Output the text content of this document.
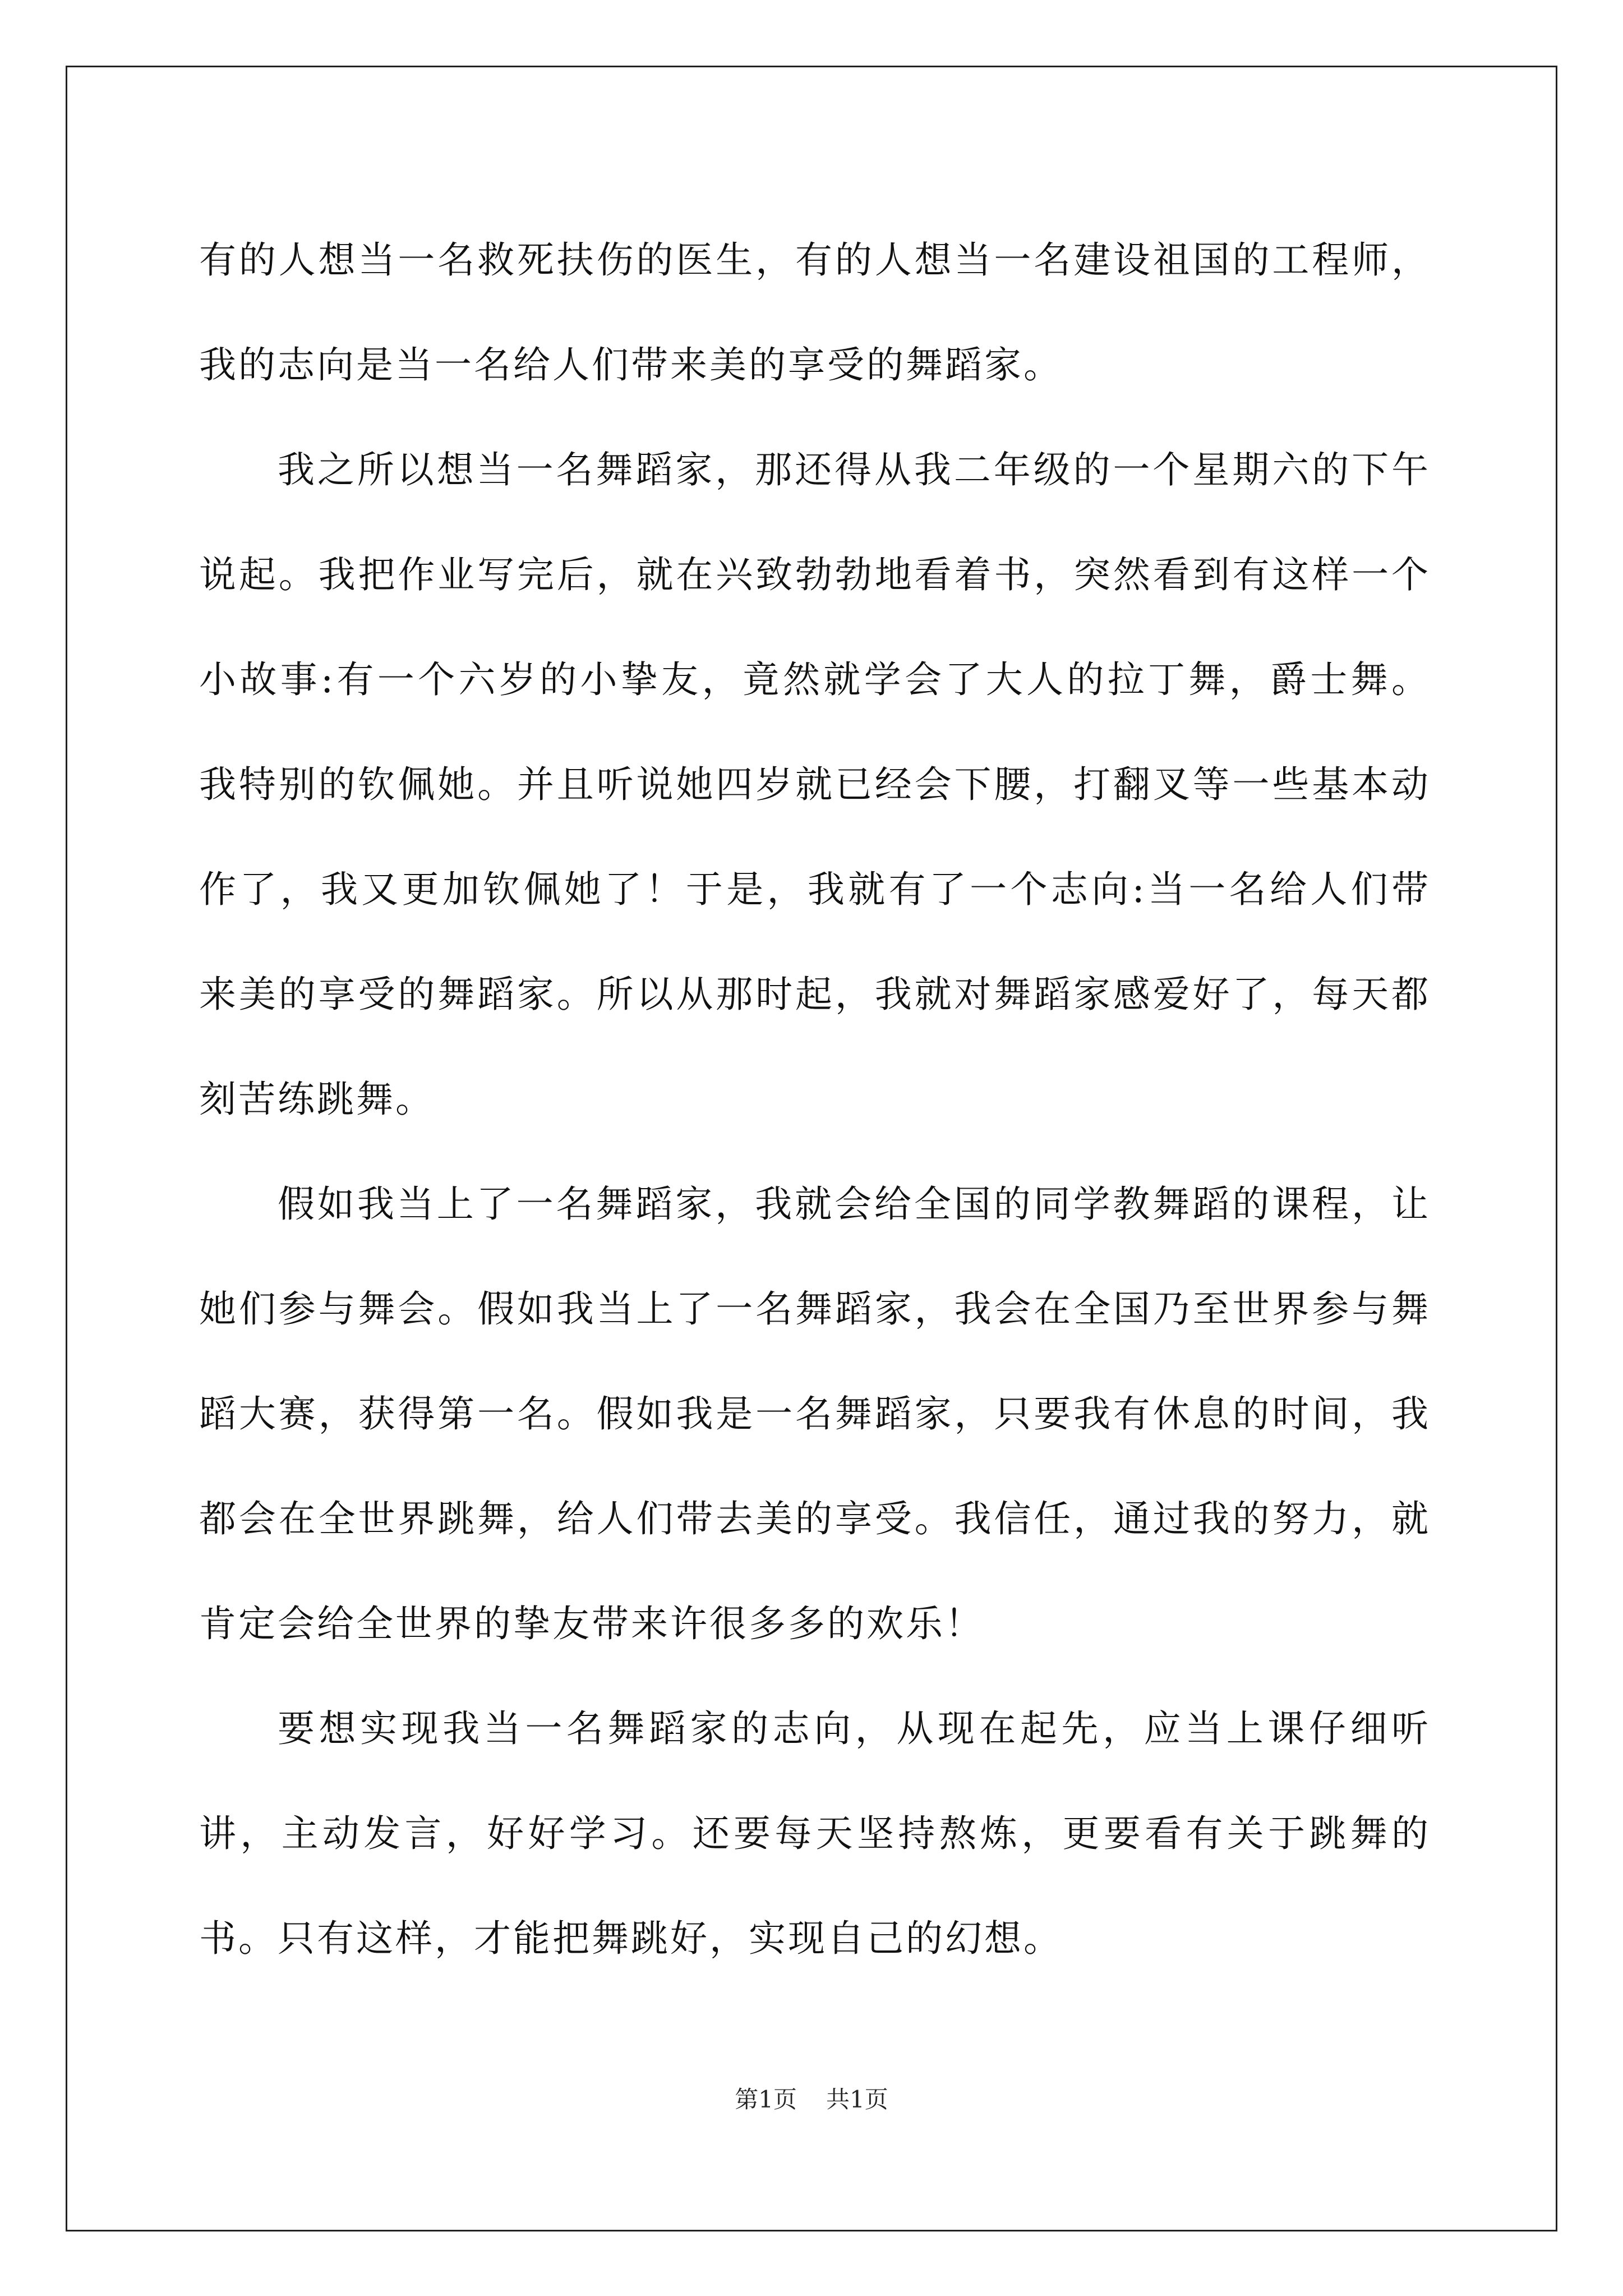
有的人想当一名救死扶伤的医生，有的人想当一名建设祖国的工程师，我的志向是当一名给人们带来美的享受的舞蹈家。

我之所以想当一名舞蹈家，那还得从我二年级的一个星期六的下午说起。我把作业写完后，就在兴致勃勃地看着书，突然看到有这样一个小故事:有一个六岁的小挚友，竟然就学会了大人的拉丁舞，爵士舞。我特别的钦佩她。并且听说她四岁就已经会下腰，打翻叉等一些基本动作了，我又更加钦佩她了！于是，我就有了一个志向:当一名给人们带来美的享受的舞蹈家。所以从那时起，我就对舞蹈家感爱好了，每天都刻苦练跳舞。

假如我当上了一名舞蹈家，我就会给全国的同学教舞蹈的课程，让她们参与舞会。假如我当上了一名舞蹈家，我会在全国乃至世界参与舞蹈大赛，获得第一名。假如我是一名舞蹈家，只要我有休息的时间，我都会在全世界跳舞，给人们带去美的享受。我信任，通过我的努力，就肯定会给全世界的挚友带来许很多多的欢乐！

要想实现我当一名舞蹈家的志向，从现在起先，应当上课仔细听讲，主动发言，好好学习。还要每天坚持熬炼，更要看有关于跳舞的书。只有这样，才能把舞跳好，实现自己的幻想。

第1页 共1页
